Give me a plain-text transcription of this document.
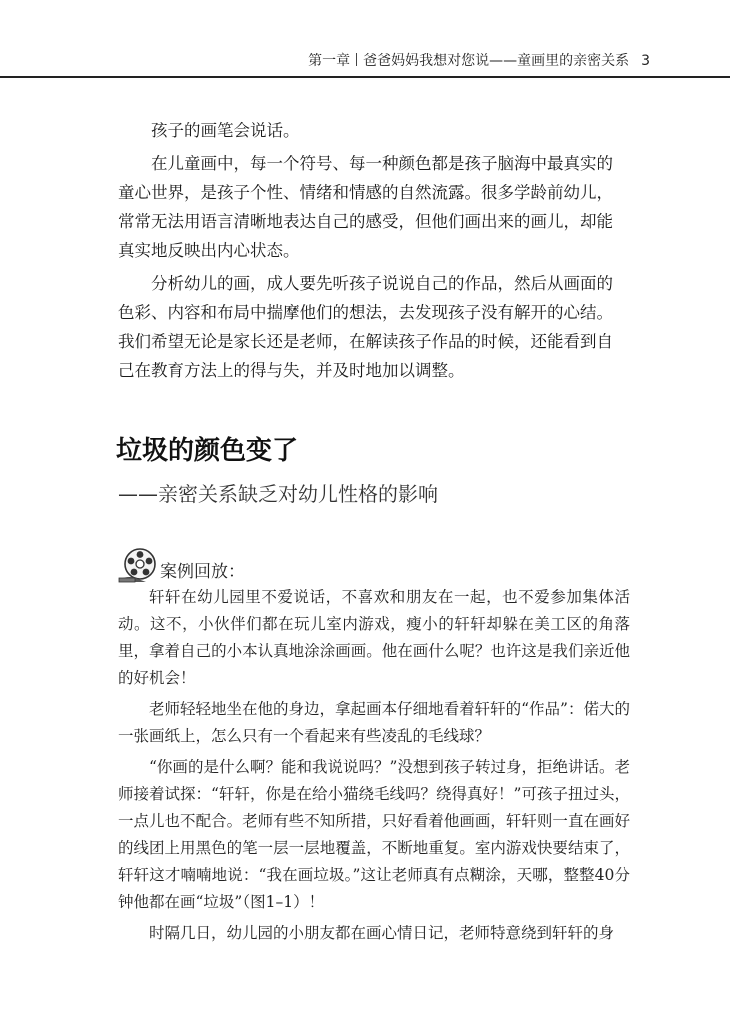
第一章 爸爸妈妈我想对您说——童画里的亲密关系 3

孩子的画笔会说话。

在儿童画中，每一个符号、每一种颜色都是孩子脑海中最真实的童心世界，是孩子个性、情绪和情感的自然流露。很多学龄前幼儿，常常无法用语言清晰地表达自己的感受，但他们画出来的画儿，却能真实地反映出内心状态。

分析幼儿的画，成人要先听孩子说说自己的作品，然后从画面的色彩、内容和布局中揣摩他们的想法，去发现孩子没有解开的心结。我们希望无论是家长还是老师，在解读孩子作品的时候，还能看到自己在教育方法上的得与失，并及时地加以调整。

垃圾的颜色变了
——亲密关系缺乏对幼儿性格的影响
案例回放：

轩轩在幼儿园里不爱说话，不喜欢和朋友在一起，也不爱参加集体活动。这不，小伙伴们都在玩儿室内游戏，瘦小的轩轩却躲在美工区的角落里，拿着自己的小本认真地涂涂画画。他在画什么呢？也许这是我们亲近他的好机会！

老师轻轻地坐在他的身边，拿起画本仔细地看着轩轩的“作品”：偌大的一张画纸上，怎么只有一个看起来有些凌乱的毛线球？

“你画的是什么啊？能和我说说吗？”没想到孩子转过身，拒绝讲话。老师接着试探：“轩轩，你是在给小猫绕毛线吗？绕得真好！”可孩子扭过头，一点儿也不配合。老师有些不知所措，只好看着他画画，轩轩则一直在画好的线团上用黑色的笔一层一层地覆盖，不断地重复。室内游戏快要结束了，轩轩这才喃喃地说：“我在画垃圾。”这让老师真有点糊涂，天哪，整整40分钟他都在画“垃圾”（图1–1）！

时隔几日，幼儿园的小朋友都在画心情日记，老师特意绕到轩轩的身
